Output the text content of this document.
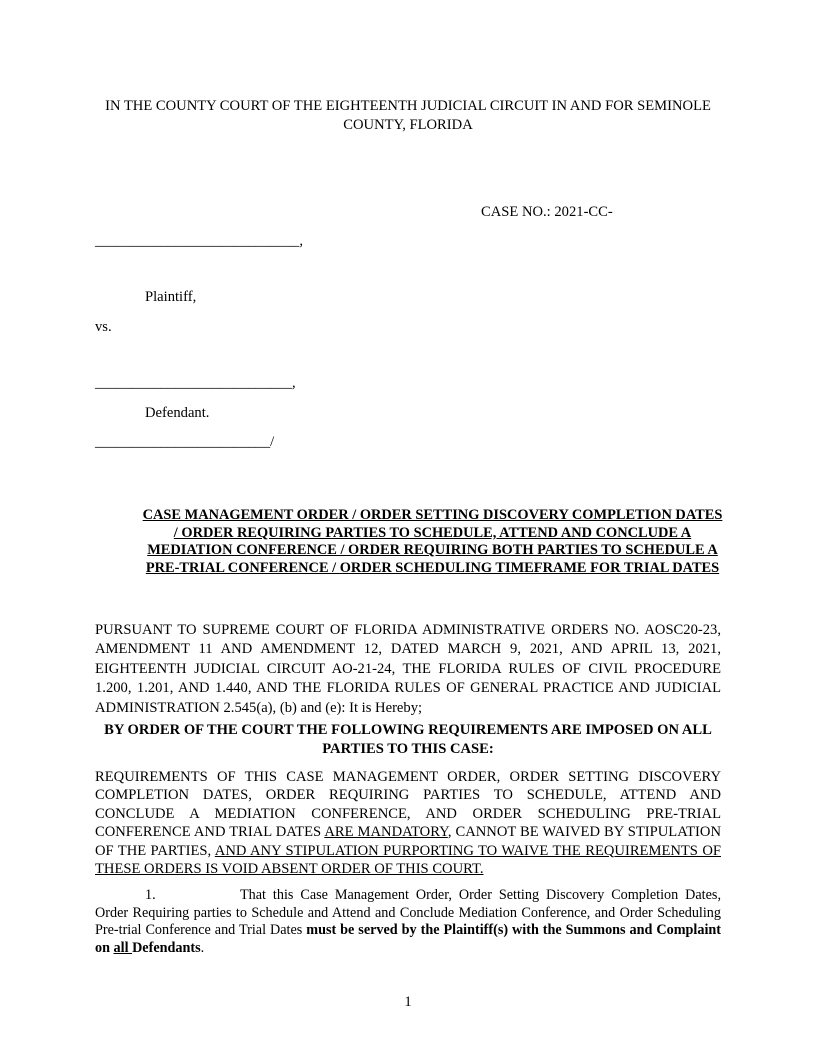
IN THE COUNTY COURT OF THE EIGHTEENTH JUDICIAL CIRCUIT IN AND FOR SEMINOLE COUNTY, FLORIDA
CASE NO.: 2021-CC-
____________________________,
Plaintiff,
vs.
___________________________,
Defendant.
________________________/
CASE MANAGEMENT ORDER / ORDER SETTING DISCOVERY COMPLETION DATES / ORDER REQUIRING PARTIES TO SCHEDULE, ATTEND AND CONCLUDE A MEDIATION CONFERENCE / ORDER REQUIRING BOTH PARTIES TO SCHEDULE A PRE-TRIAL CONFERENCE / ORDER SCHEDULING TIMEFRAME FOR TRIAL DATES
PURSUANT TO SUPREME COURT OF FLORIDA ADMINISTRATIVE ORDERS NO. AOSC20-23, AMENDMENT 11 AND AMENDMENT 12, DATED MARCH 9, 2021, AND APRIL 13, 2021, EIGHTEENTH JUDICIAL CIRCUIT AO-21-24, THE FLORIDA RULES OF CIVIL PROCEDURE 1.200, 1.201, AND 1.440, AND THE FLORIDA RULES OF GENERAL PRACTICE AND JUDICIAL ADMINISTRATION 2.545(a), (b) and (e): It is Hereby;
BY ORDER OF THE COURT THE FOLLOWING REQUIREMENTS ARE IMPOSED ON ALL PARTIES TO THIS CASE:
REQUIREMENTS OF THIS CASE MANAGEMENT ORDER, ORDER SETTING DISCOVERY COMPLETION DATES, ORDER REQUIRING PARTIES TO SCHEDULE, ATTEND AND CONCLUDE A MEDIATION CONFERENCE, AND ORDER SCHEDULING PRE-TRIAL CONFERENCE AND TRIAL DATES ARE MANDATORY, CANNOT BE WAIVED BY STIPULATION OF THE PARTIES, AND ANY STIPULATION PURPORTING TO WAIVE THE REQUIREMENTS OF THESE ORDERS IS VOID ABSENT ORDER OF THIS COURT.
1.	That this Case Management Order, Order Setting Discovery Completion Dates, Order Requiring parties to Schedule and Attend and Conclude Mediation Conference, and Order Scheduling Pre-trial Conference and Trial Dates must be served by the Plaintiff(s) with the Summons and Complaint on all Defendants.
1
